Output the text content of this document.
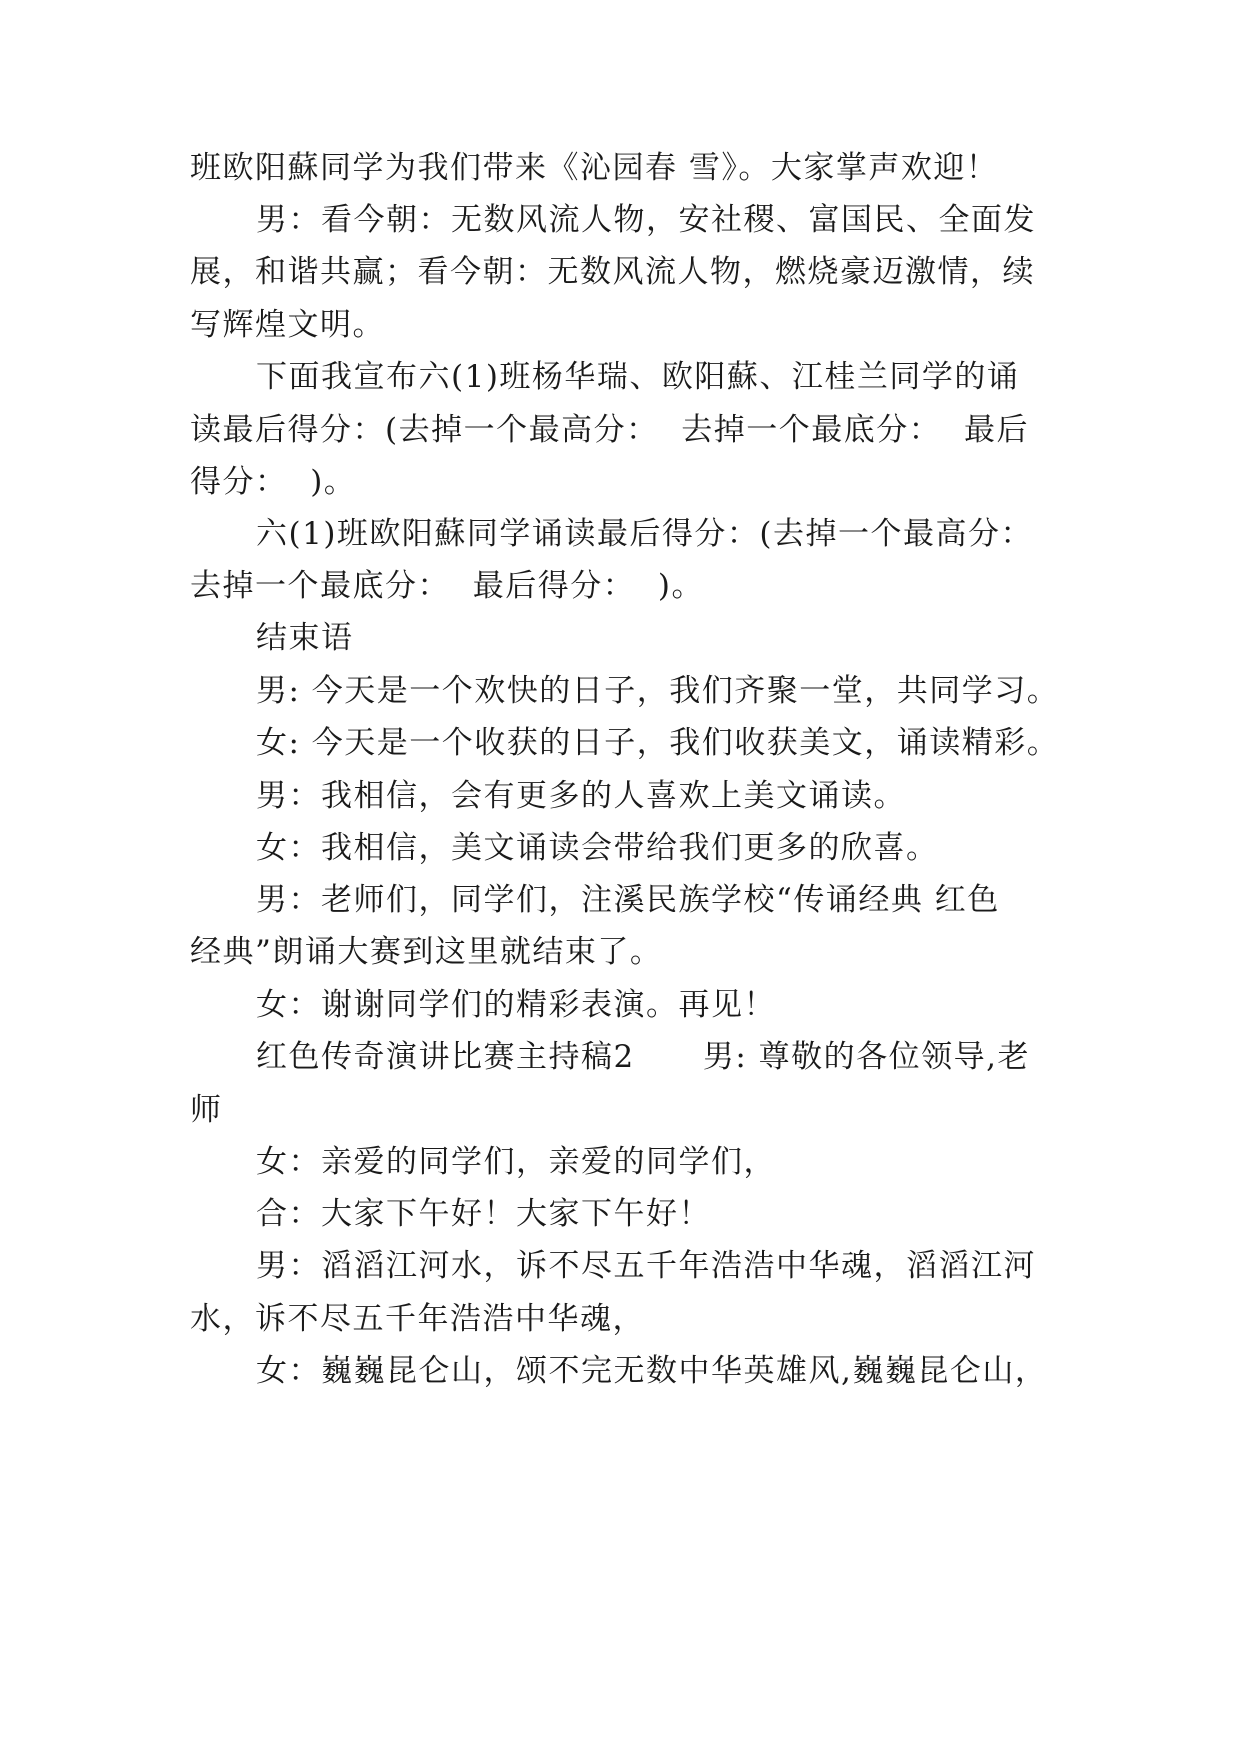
班欧阳蘇同学为我们带来《沁园春 雪》。大家掌声欢迎！
男：看今朝：无数风流人物，安社稷、富国民、全面发
展，和谐共赢；看今朝：无数风流人物，燃烧豪迈激情，续
写辉煌文明。
下面我宣布六(1)班杨华瑞、欧阳蘇、江桂兰同学的诵
读最后得分：(去掉一个最高分：  去掉一个最底分：  最后
得分：  )。
六(1)班欧阳蘇同学诵读最后得分：(去掉一个最高分：
去掉一个最底分：  最后得分：  )。
结束语
男: 今天是一个欢快的日子，我们齐聚一堂，共同学习。
女: 今天是一个收获的日子，我们收获美文，诵读精彩。
男：我相信，会有更多的人喜欢上美文诵读。
女：我相信，美文诵读会带给我们更多的欣喜。
男：老师们，同学们，注溪民族学校“传诵经典 红色
经典”朗诵大赛到这里就结束了。
女：谢谢同学们的精彩表演。再见！
红色传奇演讲比赛主持稿2      男: 尊敬的各位领导,老
师
女：亲爱的同学们，亲爱的同学们，
合：大家下午好！大家下午好！
男：滔滔江河水，诉不尽五千年浩浩中华魂，滔滔江河
水，诉不尽五千年浩浩中华魂，
女：巍巍昆仑山，颂不完无数中华英雄风,巍巍昆仑山，
